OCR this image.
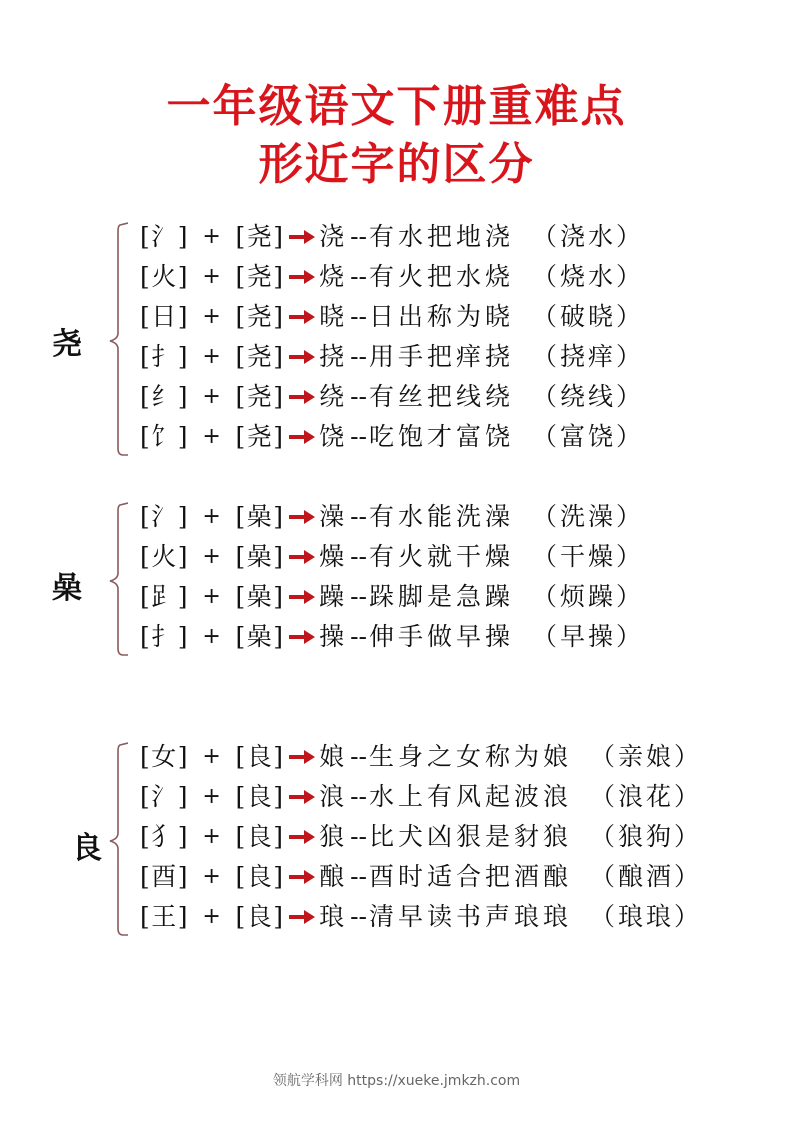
一年级语文下册重难点
形近字的区分
尧
[ 氵 ] + [ 尧 ] 浇--有水把地浇 （浇水）
[ 火 ] + [ 尧 ] 烧--有火把水烧 （烧水）
[ 日 ] + [ 尧 ] 晓--日出称为晓 （破晓）
[ 扌 ] + [ 尧 ] 挠--用手把痒挠 （挠痒）
[ 纟 ] + [ 尧 ] 绕--有丝把线绕 （绕线）
[ 饣 ] + [ 尧 ] 饶--吃饱才富饶 （富饶）
喿
[ 氵 ] + [ 喿 ] 澡--有水能洗澡 （洗澡）
[ 火 ] + [ 喿 ] 燥--有火就干燥 （干燥）
[ 𧾷 ] + [ 喿 ] 躁--跺脚是急躁 （烦躁）
[ 扌 ] + [ 喿 ] 操--伸手做早操 （早操）
良
[ 女 ] + [ 良 ] 娘--生身之女称为娘 （亲娘）
[ 氵 ] + [ 良 ] 浪--水上有风起波浪 （浪花）
[ 犭 ] + [ 良 ] 狼--比犬凶狠是豺狼 （狼狗）
[ 酉 ] + [ 良 ] 酿--酉时适合把酒酿 （酿酒）
[ 王 ] + [ 良 ] 琅--清早读书声琅琅 （琅琅）
领航学科网 https://xueke.jmkzh.com
